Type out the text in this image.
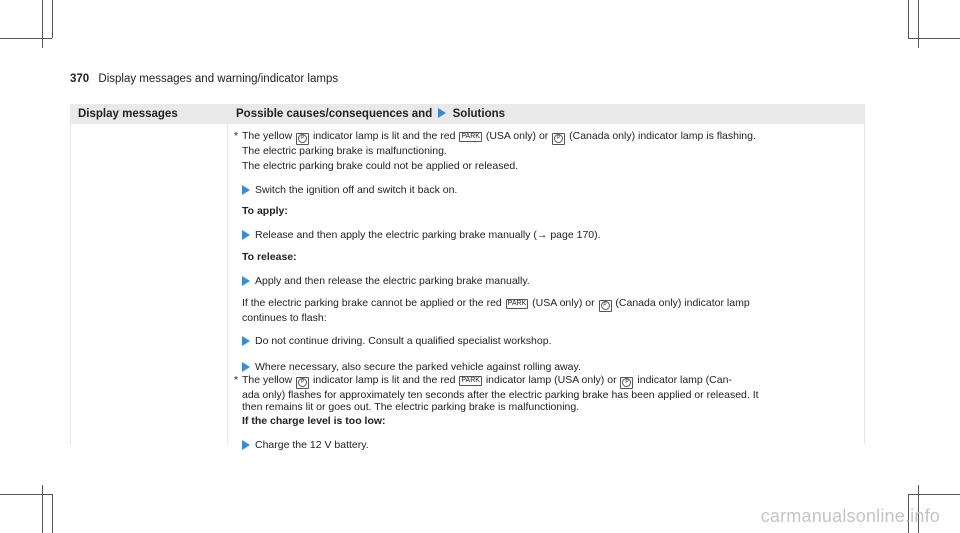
370 Display messages and warning/indicator lamps
Display messages	Possible causes/consequences and Solutions
* The yellow P indicator lamp is lit and the red PARK (USA only) or P (Canada only) indicator lamp is flashing.

The electric parking brake is malfunctioning.

The electric parking brake could not be applied or released.

Switch the ignition off and switch it back on.

To apply:

Release and then apply the electric parking brake manually (→ page 170).

To release:

Apply and then release the electric parking brake manually.

If the electric parking brake cannot be applied or the red PARK (USA only) or P (Canada only) indicator lamp

continues to flash:

Do not continue driving. Consult a qualified specialist workshop.

Where necessary, also secure the parked vehicle against rolling away.

* The yellow P indicator lamp is lit and the red PARK indicator lamp (USA only) or P indicator lamp (Can-

ada only) flashes for approximately ten seconds after the electric parking brake has been applied or released. It

then remains lit or goes out. The electric parking brake is malfunctioning.

If the charge level is too low:

Charge the 12 V battery.

carmanualsonline.info
